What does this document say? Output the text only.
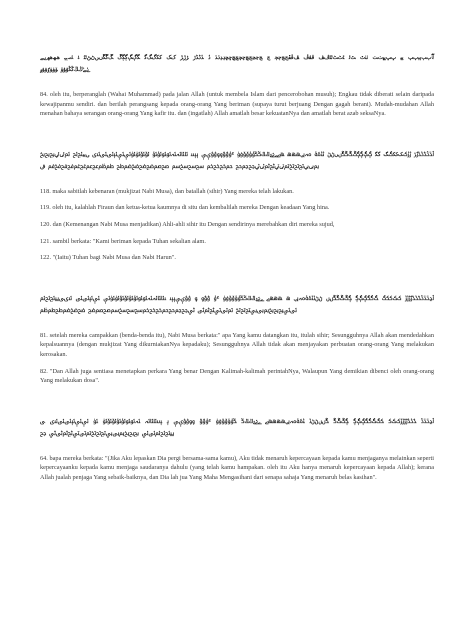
ﭐﭑﭒﭓﭔﭕﭖﭗ ﭘﭙ ﭚﭛﭜﭝﭞﭟ ﭠﭡﭢ ﭣﭤ ﭥﭦﭧﭨﭩﭪﭫ ﭬﭭﭮ ﭯﭰﭱﭲﭳﭴﭵ ﭶ ﭷﭸﭹﭺﭻﭼﭽﭾﭿﮀﮁﮂﮃﮄﮅ ﮆ ﮇﮈﮉﮊ ﮋﮌﮍ ﮎﮏ ﮐﮑﮒﮓﮔ ﮕﮖﮗﮘﮙﮚ ﮛﮜﮝﮞﮟﮠﮡﮢﮣ ﮤ ﮥﮦﮧﮨﮩ ﮪﮫﮬﮭﮮﮯ ﮰﮱﯓﯔﯕﯖﯗﯘﯙ ﯚﯛﯜﯝﯞﯟﯠ

84. oleh itu, berperanglah (Wahai Muhammad) pada jalan Allah (untuk membela Islam dari pencerobohan musuh); Engkau tidak diberati selain daripada kewajipanmu sendiri. dan berilah perangsang kepada orang-orang Yang beriman (supaya turut berjuang Dengan gagah berani). Mudah-mudahan Allah menahan bahaya serangan orang-orang Yang kafir itu. dan (ingatlah) Allah amatlah besar kekuatanNya dan amatlah berat azab seksaNya.

ﭐﮅﮆﮇﮈﮉﮊﮋ ﮌﮍﮎﮏﮐﮑﮒﮓ ﮔﮕ ﮖﮗﮘﮙﮚﮛﮜﮝﮞﮟﮠﮡ ﮢﮣﮤﮥ ﮦﮧﮨﮩﮪﮫﮬ ﮭﮮﮯﮰﮱﯓﯔﯕﯖﯗﯘﯙﯚﯛﯜ ﯝﯞﯟﯠﯡﯢﯣﯤﯥ ﯦﯧﯨﯩ ﯪﯫﯬﯭﯮﯯﯰﯱ ﯲﯳﯴﯵﯶﯷﯸﯹﯺﯻﯼ ﯽﯾﯿﰀﰁ ﰂﰃﰄﰅﰆﰇ ﰈﰉﰊﰋﰌﰍﰎﰏﰐﰑﰒﰓﰔﰕﰖﰗ ﰘﰙﰚﰛ ﰜﰝﰞﰟ ﰠﰡﰢﰣﰤﰥﰦ ﰧﰨﰩﰪﰫﰬﰭﰮﰯﰰ ﰱ

118. maka sabitlah kebenaran (mukjizat Nabi Musa), dan batallah (sihir) Yang mereka telah lakukan.

119. oleh itu, kalahlah Firaun dan ketua-ketua kaumnya di situ dan kembalilah mereka Dengan keadaan Yang hina.

120. dan (Kemenangan Nabi Musa menjadikan) Ahli-ahli sihir itu Dengan sendirinya merebahkan diri mereka sujud,

121. sambil berkata: "Kami beriman kepada Tuhan sekalian alam.

122. "(Iaitu) Tuhan bagi Nabi Musa dan Nabi Harun".

ﭐﮃﮄﮅﮆﮇﮈﮉﮊﮋﮌﮍ ﮎﮏﮐﮑﮒ ﮓﮔﮕﮖﮗﮘ ﮙﮚﮛﮜﮝﮞﮟ ﮠﮡﮢﮣﮤﮥﮦﮧﮨﮩ ﮪ ﮫﮬﮭﮮ ﮯﮰﮱﯓﯔﯕﯖﯗﯘﯙﯚﯛﯜ ﯝ ﯞﯟﯠ ﯡ ﯢﯣﯤﯥﯦﯧﯨ ﯩﯪﯫﯬﯭﯮﯯﯰﯱﯲﯳﯴﯵﯶ ﯷﯸﯹﯺ ﯻﯼﯽﯾﯿﰀﰁﰂ ﰃﰄﰅﰆﰇﰈﰉﰊﰋﰌﰍ ﰎﰏﰐﰑﰒﰓ ﰔﰕﰖﰗﰘﰙﰚﰛﰜﰝﰞﰟﰠﰡﰢ ﰣﰤﰥﰦﰧﰨ

81. setelah mereka campakkan (benda-benda itu), Nabi Musa berkata:" apa Yang kamu datangkan itu, itulah sihir; Sesungguhnya Allah akan mendedahkan kepalsuannya (dengan mukjizat Yang dikurniakanNya kepadaku); Sesungguhnya Allah tidak akan menjayakan perbuatan orang-orang Yang melakukan kerosakan.

82. "Dan Allah juga sentiasa menetapkan perkara Yang benar Dengan Kalimah-kalimah perintahNya, Walaupun Yang demikian dibenci oleh orang-orang Yang melakukan dosa".

ﭐﮃﮄﮅﮆ ﮇﮈﮉﮊﮋﮌﮍﮎﮏﮐ ﮑﮒﮓﮔﮕﮖﮗﮘ ﮙﮚﮛﮜ ﮝﮞﮟﮠﮡﮢ ﮣﮤﮥﮦﮧﮨﮩﮪﮫﮬﮭﮮ ﮯﮰﮱﯓﯔﯕ ﯖﯗﯘﯙﯚﯛﯜ ﯝﯞﯟ ﯠﯡﯢﯣﯤﯥ ﯦ ﯧﯨﯩﯪﯫﯬ ﯭﯮﯯﯰﯱﯲﯳﯴ ﯵ ﯶﯷﯸﯹﯺﯻﯼ ﯽ ﯾﯿﰀﰁﰂﰃﰄ ﰅﰆﰇﰈﰉﰊﰋﰌﰍﰎﰏﰐﰑﰒﰓﰔ ﰕ

64. bapa mereka berkata: "(Jika Aku lepaskan Dia pergi bersama-sama kamu), Aku tidak menaruh kepercayaan kepada kamu menjaganya melainkan seperti kepercayaanku kepada kamu menjaga saudaranya dahulu (yang telah kamu hampakan. oleh itu Aku hanya menaruh kepercayaan kepada Allah); kerana Allah jualah penjaga Yang sebaik-baiknya, dan Dia lah jua Yang Maha Mengasihani dari senapa sahaja Yang menaruh belas kasihan".
